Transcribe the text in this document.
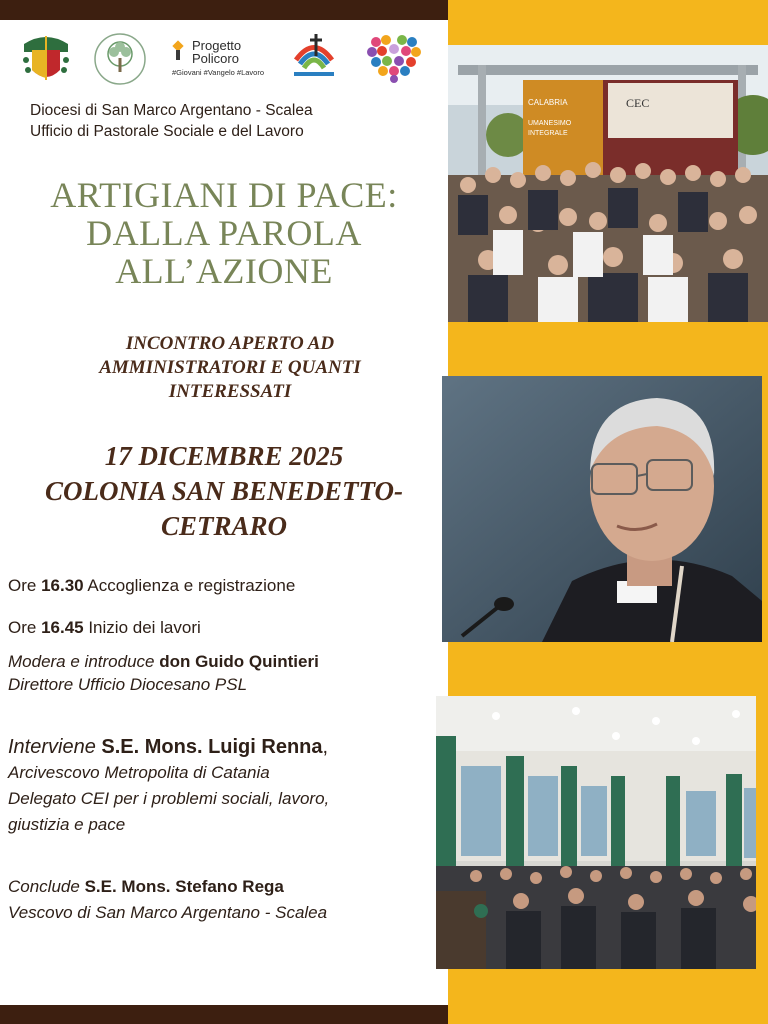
CALABRIA
UMANESIMO
INTEGRALE
CEC
Progetto
Policoro
#Giovani #Vangelo #Lavoro
Diocesi di San Marco Argentano - Scalea
Ufficio di Pastorale Sociale e del Lavoro
ARTIGIANI DI PACE:
DALLA PAROLA
ALL’AZIONE
INCONTRO APERTO AD
AMMINISTRATORI E QUANTI
INTERESSATI
17 DICEMBRE 2025
COLONIA SAN BENEDETTO-
CETRARO
Ore 16.30 Accoglienza e registrazione
Ore 16.45 Inizio dei lavori
Modera e introduce don Guido Quintieri
Direttore Ufficio Diocesano PSL
Interviene S.E. Mons. Luigi Renna,
Arcivescovo Metropolita di Catania
Delegato CEI per i problemi sociali, lavoro,
giustizia e pace
Conclude S.E. Mons. Stefano Rega
Vescovo di San Marco Argentano - Scalea
